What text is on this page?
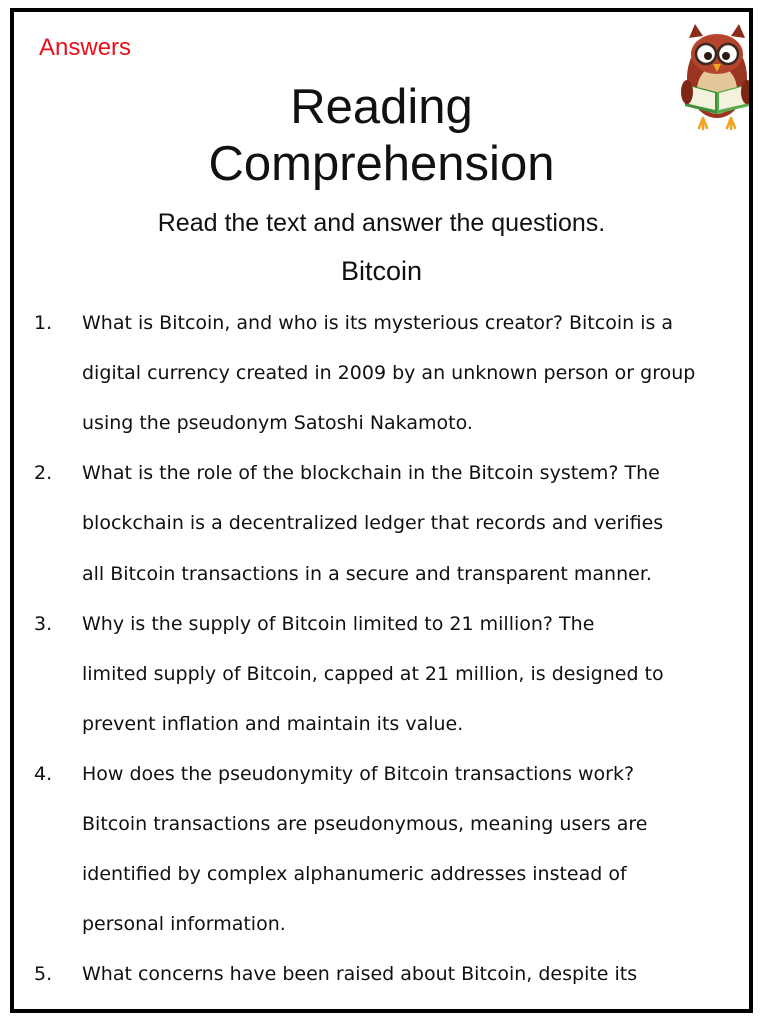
Answers
Reading
Comprehension
Read the text and answer the questions.
Bitcoin
1.	What is Bitcoin, and who is its mysterious creator? Bitcoin is a
digital currency created in 2009 by an unknown person or group
using the pseudonym Satoshi Nakamoto.
2.	What is the role of the blockchain in the Bitcoin system? The
blockchain is a decentralized ledger that records and verifies
all Bitcoin transactions in a secure and transparent manner.
3.	Why is the supply of Bitcoin limited to 21 million? The
limited supply of Bitcoin, capped at 21 million, is designed to
prevent inflation and maintain its value.
4.	How does the pseudonymity of Bitcoin transactions work?
Bitcoin transactions are pseudonymous, meaning users are
identified by complex alphanumeric addresses instead of
personal information.
5.	What concerns have been raised about Bitcoin, despite its
